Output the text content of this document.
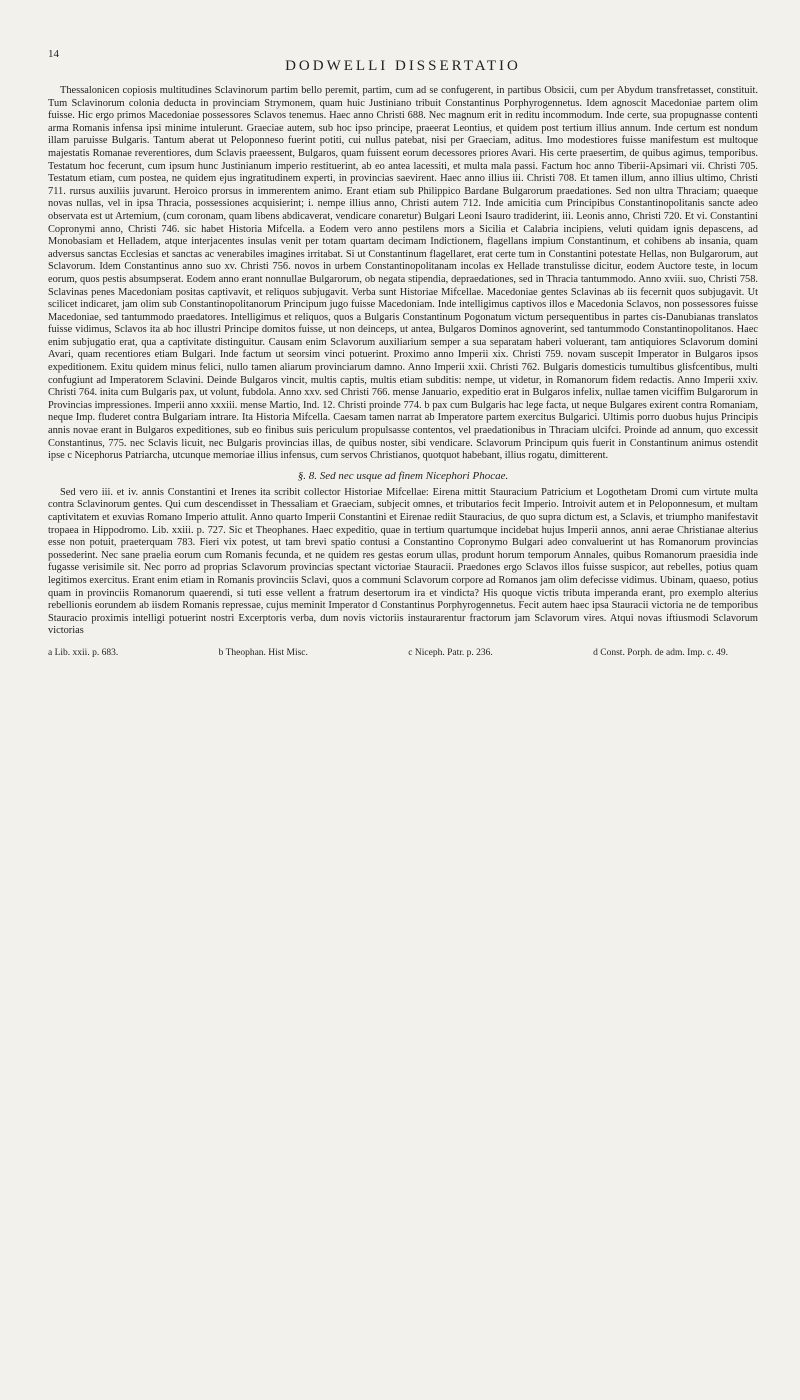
14
DODWELLI DISSERTATIO

Thessalonicen copiosis multitudines Sclavinorum partim bello peremit, partim, cum ad se confugerent, in partibus Obsicii, cum per Abydum transfretasset, constituit. Tum Sclavinorum colonia deducta in provinciam Strymonem, quam huic Justiniano tribuit Constantinus Porphyrogennetus. Idem agnoscit Macedoniae partem olim fuisse. Hic ergo primos Macedoniae possessores Sclavos tenemus. Haec anno Christi 688. Nec magnum erit in reditu incommodum. Inde certe, sua propugnasse contenti arma Romanis infensa ipsi minime intulerunt. Graeciae autem, sub hoc ipso principe, praeerat Leontius, et quidem post tertium illius annum. Inde certum est nondum illam paruisse Bulgaris. Tantum aberat ut Peloponneso fuerint potiti, cui nullus patebat, nisi per Graeciam, aditus. Imo modestiores fuisse manifestum est multoque majestatis Romanae reverentiores, dum Sclavis praeessent, Bulgaros, quam fuissent eorum decessores priores Avari. His certe praesertim, de quibus agimus, temporibus. Testatum hoc fecerunt, cum ipsum hunc Justinianum imperio restituerint, ab eo antea lacessiti, et multa mala passi. Factum hoc anno Tiberii-Apsimari vii. Christi 705. Testatum etiam, cum postea, ne quidem ejus ingratitudinem experti, in provincias saevirent. Haec anno illius iii. Christi 708. Et tamen illum, anno illius ultimo, Christi 711. rursus auxiliis juvarunt. Heroico prorsus in immerentem animo. Erant etiam sub Philippico Bardane Bulgarorum praedationes. Sed non ultra Thraciam; quaeque novas nullas, vel in ipsa Thracia, possessiones acquisierint; i. nempe illius anno, Christi autem 712. Inde amicitia cum Principibus Constantinopolitanis sancte adeo observata est ut Artemium, (cum coronam, quam libens abdicaverat, vendicare conaretur) Bulgari Leoni Isauro tradiderint, iii. Leonis anno, Christi 720. Et vi. Constantini Copronymi anno, Christi 746. sic habet Historia Mifcella. a Eodem vero anno pestilens mors a Sicilia et Calabria incipiens, veluti quidam ignis depascens, ad Monobasiam et Helladem, atque interjacentes insulas venit per totam quartam decimam Indictionem, flagellans impium Constantinum, et cohibens ab insania, quam adversus sanctas Ecclesias et sanctas ac venerabiles imagines irritabat. Si ut Constantinum flagellaret, erat certe tum in Constantini potestate Hellas, non Bulgarorum, aut Sclavorum. Idem Constantinus anno suo xv. Christi 756. novos in urbem Constantinopolitanam incolas ex Hellade transtulisse dicitur, eodem Auctore teste, in locum eorum, quos pestis absumpserat. Eodem anno erant nonnullae Bulgarorum, ob negata stipendia, depraedationes, sed in Thracia tantummodo. Anno xviii. suo, Christi 758. Sclavinas penes Macedoniam positas captivavit, et reliquos subjugavit. Verba sunt Historiae Mifcellae. Macedoniae gentes Sclavinas ab iis fecernit quos subjugavit. Ut scilicet indicaret, jam olim sub Constantinopolitanorum Principum jugo fuisse Macedoniam. Inde intelligimus captivos illos e Macedonia Sclavos, non possessores fuisse Macedoniae, sed tantummodo praedatores. Intelligimus et reliquos, quos a Bulgaris Constantinum Pogonatum victum persequentibus in partes cis-Danubianas translatos fuisse vidimus, Sclavos ita ab hoc illustri Principe domitos fuisse, ut non deinceps, ut antea, Bulgaros Dominos agnoverint, sed tantummodo Constantinopolitanos. Haec enim subjugatio erat, qua a captivitate distinguitur. Causam enim Sclavorum auxiliarium semper a sua separatam haberi voluerant, tam antiquiores Sclavorum domini Avari, quam recentiores etiam Bulgari. Inde factum ut seorsim vinci potuerint. Proximo anno Imperii xix. Christi 759. novam suscepit Imperator in Bulgaros ipsos expeditionem. Exitu quidem minus felici, nullo tamen aliarum provinciarum damno. Anno Imperii xxii. Christi 762. Bulgaris domesticis tumultibus glisfcentibus, multi confugiunt ad Imperatorem Sclavini. Deinde Bulgaros vincit, multis captis, multis etiam subditis: nempe, ut videtur, in Romanorum fidem redactis. Anno Imperii xxiv. Christi 764. inita cum Bulgaris pax, ut volunt, fubdola. Anno xxv. sed Christi 766. mense Januario, expeditio erat in Bulgaros infelix, nullae tamen viciffim Bulgarorum in Provincias impressiones. Imperii anno xxxiii. mense Martio, Ind. 12. Christi proinde 774. b pax cum Bulgaris hac lege facta, ut neque Bulgares exirent contra Romaniam, neque Imp. fluderet contra Bulgariam intrare. Ita Historia Mifcella. Caesam tamen narrat ab Imperatore partem exercitus Bulgarici. Ultimis porro duobus hujus Principis annis novae erant in Bulgaros expeditiones, sub eo finibus suis periculum propulsasse contentos, vel praedationibus in Thraciam ulcifci. Proinde ad annum, quo excessit Constantinus, 775. nec Sclavis licuit, nec Bulgaris provincias illas, de quibus noster, sibi vendicare. Sclavorum Principum quis fuerit in Constantinum animus ostendit ipse c Nicephorus Patriarcha, utcunque memoriae illius infensus, cum servos Christianos, quotquot habebant, illius rogatu, dimitterent.

§. 8. Sed nec usque ad finem Nicephori Phocae.

Sed vero iii. et iv. annis Constantini et Irenes ita scribit collector Historiae Mifcellae: Eirena mittit Stauracium Patricium et Logothetam Dromi cum virtute multa contra Sclavinorum gentes. Qui cum descendisset in Thessaliam et Graeciam, subjecit omnes, et tributarios fecit Imperio. Introivit autem et in Peloponnesum, et multam captivitatem et exuvias Romano Imperio attulit. Anno quarto Imperii Constantini et Eirenae rediit Stauracius, de quo supra dictum est, a Sclavis, et triumpho manifestavit tropaea in Hippodromo. Lib. xxiii. p. 727. Sic et Theophanes. Haec expeditio, quae in tertium quartumque incidebat hujus Imperii annos, anni aerae Christianae alterius esse non potuit, praeterquam 783. Fieri vix potest, ut tam brevi spatio contusi a Constantino Copronymo Bulgari adeo convaluerint ut has Romanorum provincias possederint. Nec sane praelia eorum cum Romanis fecunda, et ne quidem res gestas eorum ullas, produnt horum temporum Annales, quibus Romanorum praesidia inde fugasse verisimile sit. Nec porro ad proprias Sclavorum provincias spectant victoriae Stauracii. Praedones ergo Sclavos illos fuisse suspicor, aut rebelles, potius quam legitimos exercitus. Erant enim etiam in Romanis provinciis Sclavi, quos a communi Sclavorum corpore ad Romanos jam olim defecisse vidimus. Ubinam, quaeso, potius quam in provinciis Romanorum quaerendi, si tuti esse vellent a fratrum desertorum ira et vindicta? His quoque victis tributa imperanda erant, pro exemplo alterius rebellionis eorundem ab iisdem Romanis repressae, cujus meminit Imperator d Constantinus Porphyrogennetus. Fecit autem haec ipsa Stauracii victoria ne de temporibus Stauracio proximis intelligi potuerint nostri Excerptoris verba, dum novis victoriis instaurarentur fractorum jam Sclavorum vires. Atqui novas iftiusmodi Sclavorum victorias

a Lib. xxii. p. 683.	b Theophan. Hist Misc.	c Niceph. Patr. p. 236.	d Const. Porph. de adm. Imp. c. 49.
